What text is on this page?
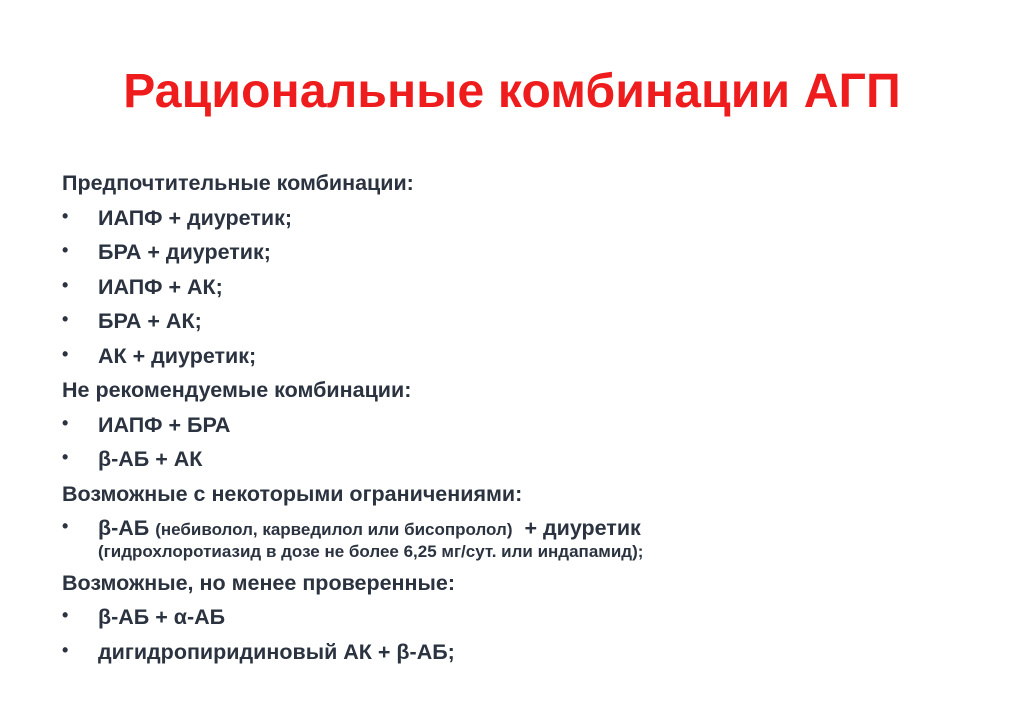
Рациональные комбинации АГП
Предпочтительные комбинации:
• ИАПФ + диуретик;
• БРА + диуретик;
• ИАПФ + АК;
• БРА + АК;
• АК + диуретик;
Не рекомендуемые комбинации:
• ИАПФ + БРА
• β-АБ + АК
Возможные с некоторыми ограничениями:
• β-АБ (небиволол, карведилол или бисопролол) + диуретик
(гидрохлоротиазид в дозе не более 6,25 мг/сут. или индапамид);
Возможные, но менее проверенные:
• β-АБ + α-АБ
• дигидропиридиновый АК + β-АБ;
